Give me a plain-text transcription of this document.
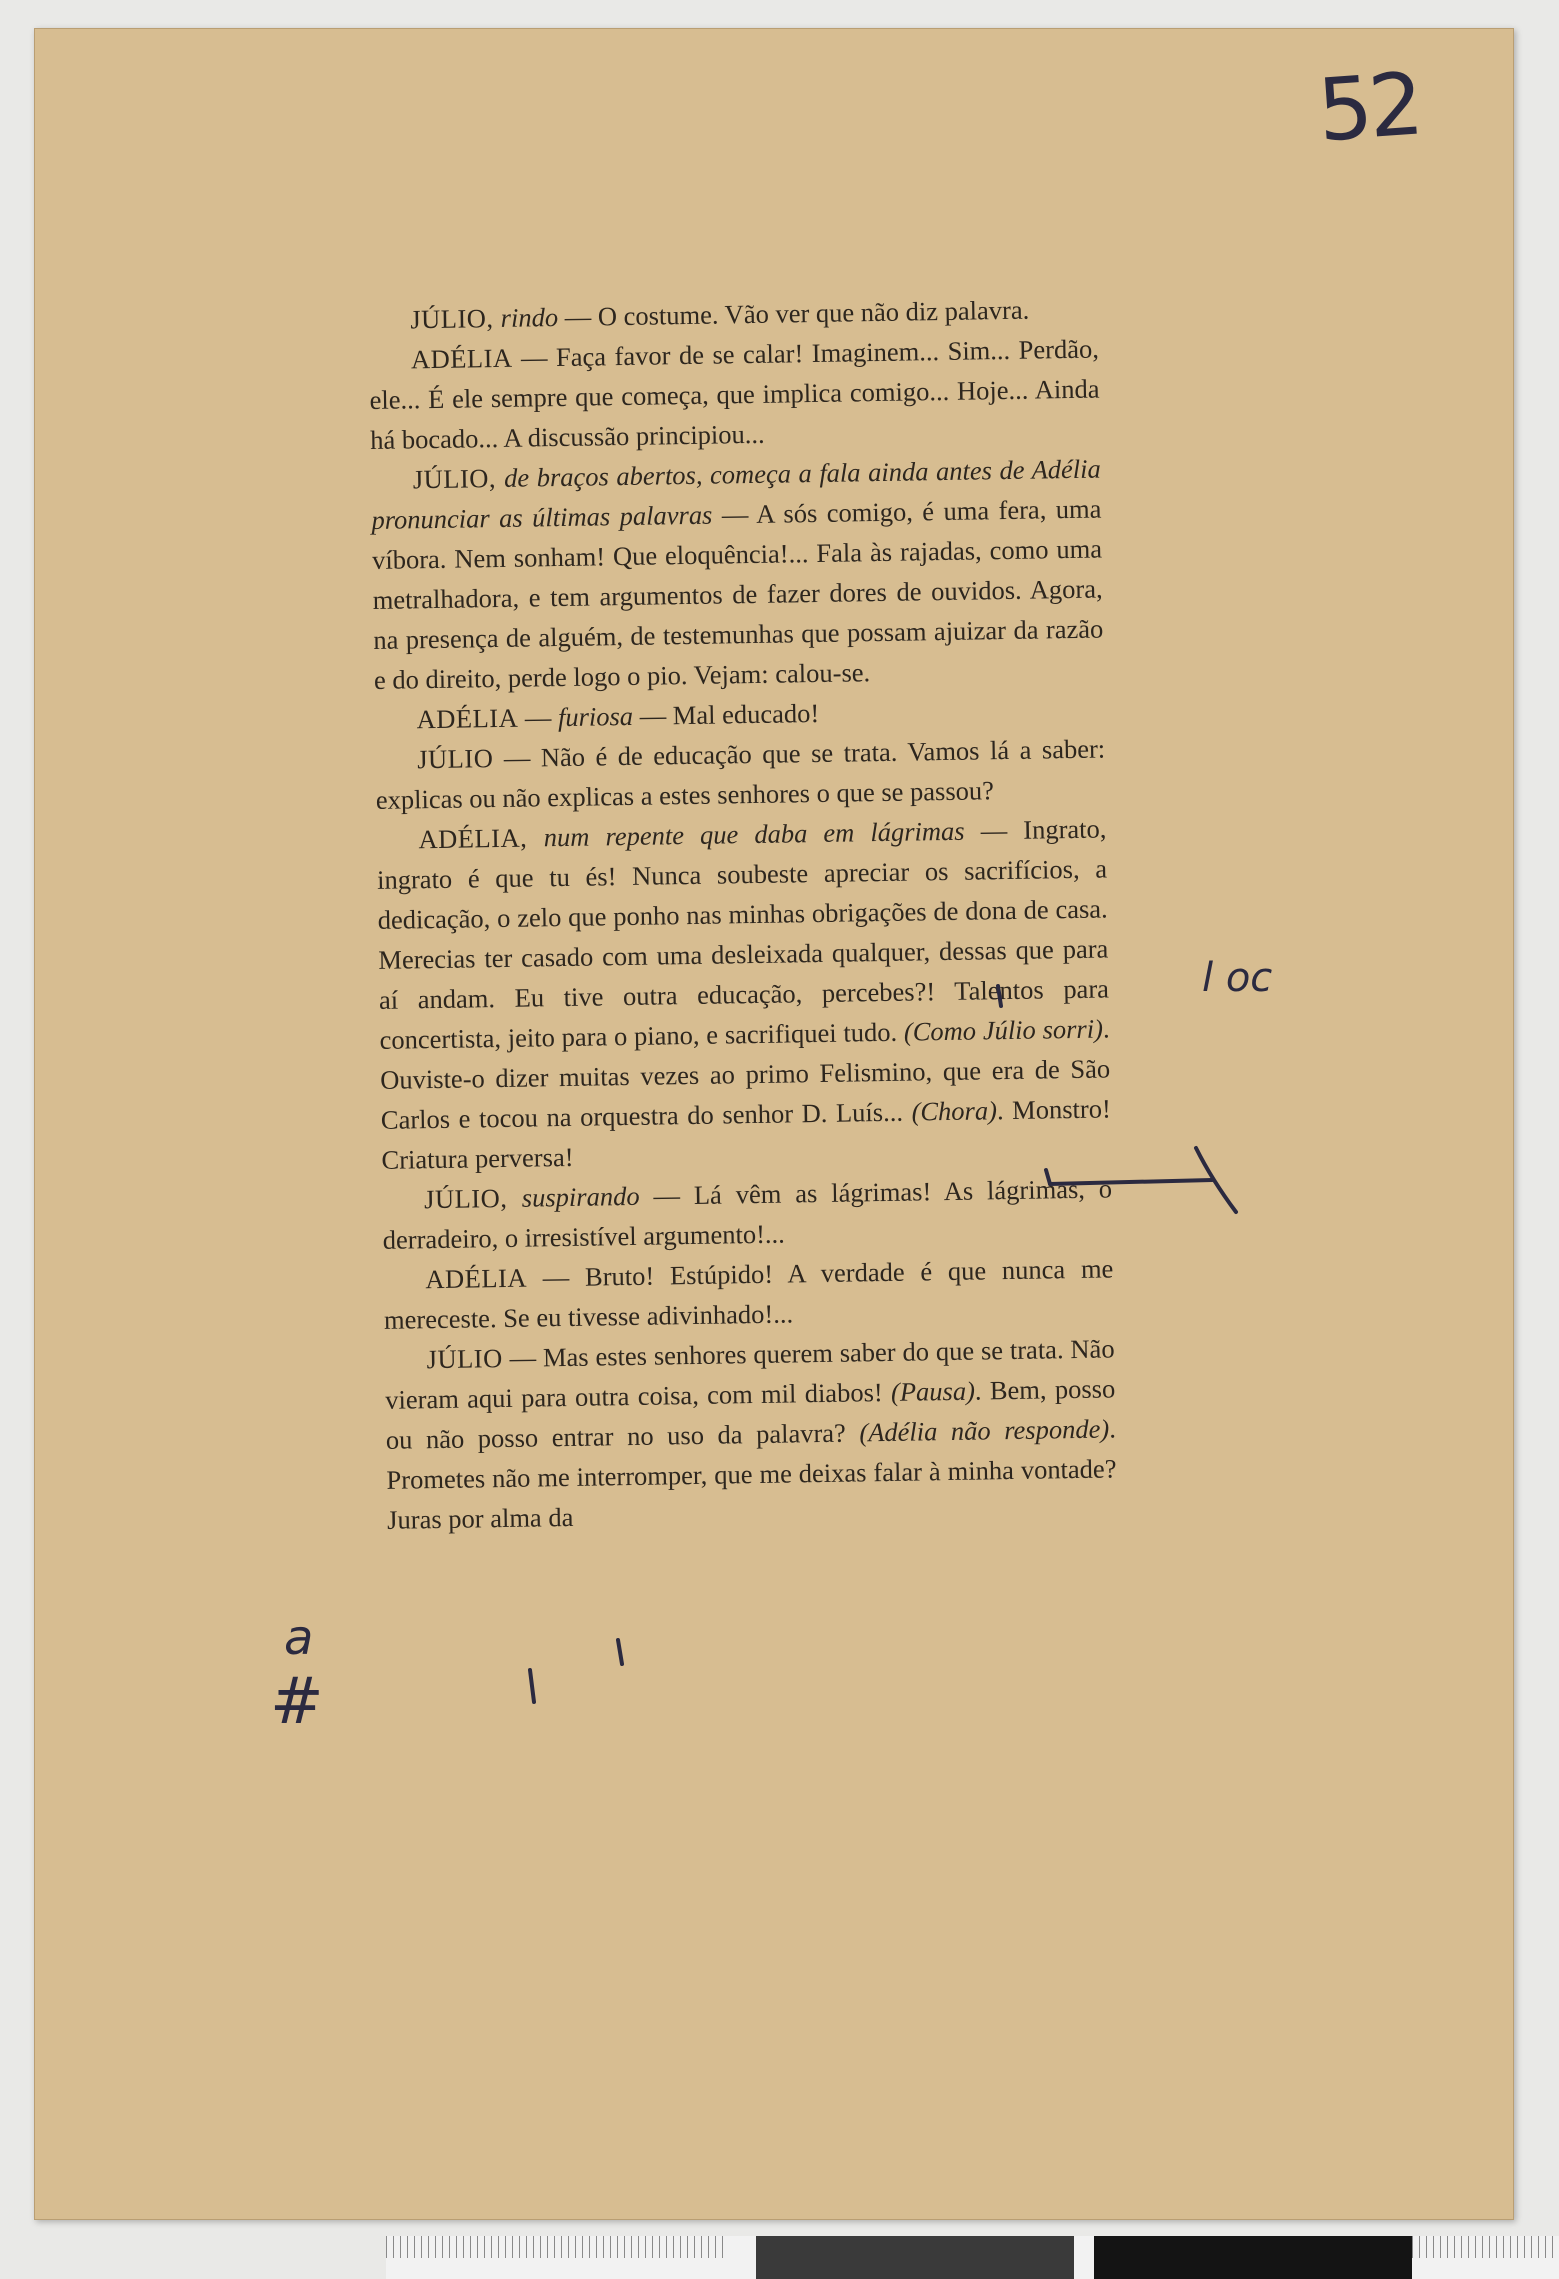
52

JÚLIO, rindo — O costume. Vão ver que não diz palavra.

ADÉLIA — Faça favor de se calar! Imaginem... Sim... Perdão, ele... É ele sempre que começa, que implica comigo... Hoje... Ainda há bocado... A discussão principiou...

JÚLIO, de braços abertos, começa a fala ainda antes de Adélia pronunciar as últimas palavras — A sós comigo, é uma fera, uma víbora. Nem sonham! Que eloquência!... Fala às rajadas, como uma metralhadora, e tem argumentos de fazer dores de ouvidos. Agora, na presença de alguém, de testemunhas que possam ajuizar da razão e do direito, perde logo o pio. Vejam: calou-se.

ADÉLIA — furiosa — Mal educado!

JÚLIO — Não é de educação que se trata. Vamos lá a saber: explicas ou não explicas a estes senhores o que se passou?

ADÉLIA, num repente que daba em lágrimas — Ingrato, ingrato é que tu és! Nunca soubeste apreciar os sacrifícios, a dedicação, o zelo que ponho nas minhas obrigações de dona de casa. Merecias ter casado com uma desleixada qualquer, dessas que para aí andam. Eu tive outra educação, percebes?! Talentos para concertista, jeito para o piano, e sacrifiquei tudo. (Como Júlio sorri). Ouviste-o dizer muitas vezes ao primo Felismino, que era de São Carlos e tocou na orquestra do senhor D. Luís... (Chora). Monstro! Criatura perversa!

JÚLIO, suspirando — Lá vêm as lágrimas! As lágrimas, o derradeiro, o irresistível argumento!...

ADÉLIA — Bruto! Estúpido! A verdade é que nunca me mereceste. Se eu tivesse adivinhado!...

JÚLIO — Mas estes senhores querem saber do que se trata. Não vieram aqui para outra coisa, com mil diabos! (Pausa). Bem, posso ou não posso entrar no uso da palavra? (Adélia não responde). Prometes não me interromper, que me deixas falar à minha vontade? Juras por alma da

l oc
a
#
